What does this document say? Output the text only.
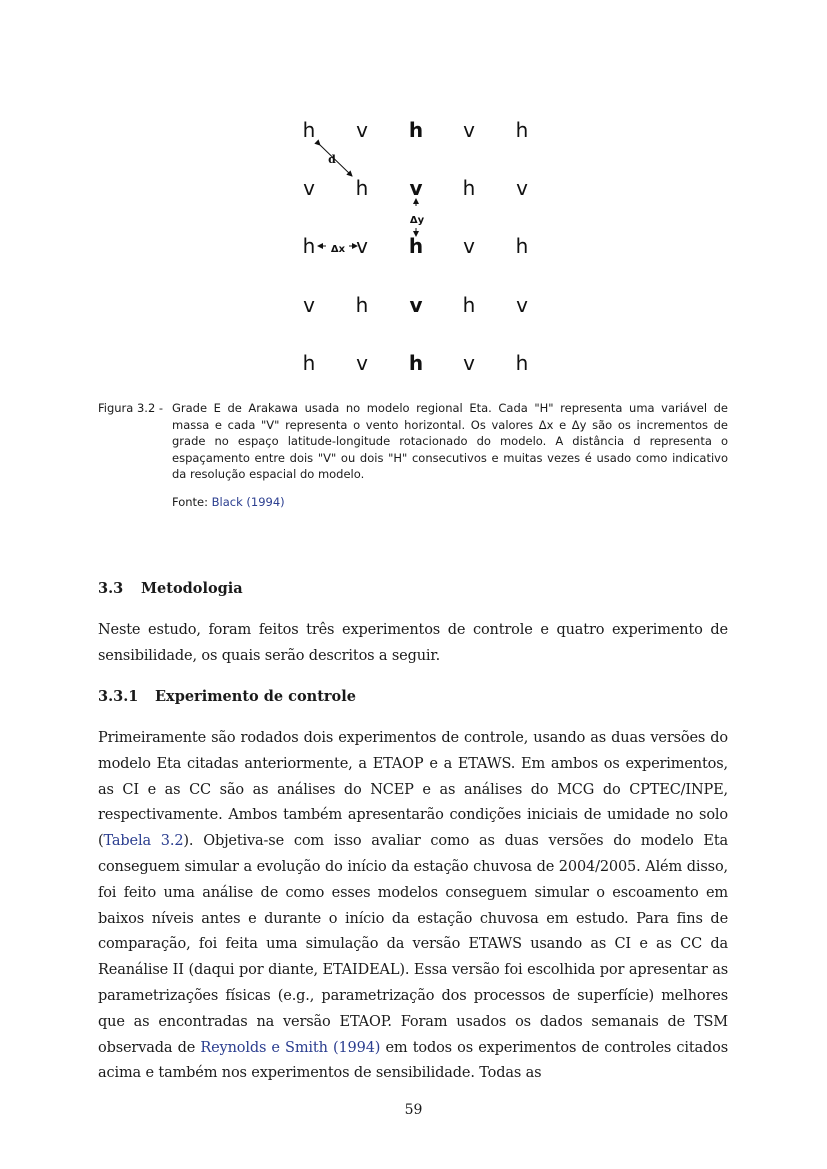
d
Δx
Δy
h v h v h
v h v h v
h v h v h
v h v h v
h v h v h
Figura 3.2 - Grade E de Arakawa usada no modelo regional Eta. Cada "H" representa uma variável de massa e cada "V" representa o vento horizontal. Os valores Δx e Δy são os incrementos de grade no espaço latitude-longitude rotacionado do modelo. A distância d representa o espaçamento entre dois "V" ou dois "H" consecutivos e muitas vezes é usado como indicativo da resolução espacial do modelo.
Fonte: Black (1994)
3.3 Metodologia
Neste estudo, foram feitos três experimentos de controle e quatro experimento de sensibilidade, os quais serão descritos a seguir.
3.3.1 Experimento de controle
Primeiramente são rodados dois experimentos de controle, usando as duas versões do modelo Eta citadas anteriormente, a ETAOP e a ETAWS. Em ambos os experimentos, as CI e as CC são as análises do NCEP e as análises do MCG do CPTEC/INPE, respectivamente. Ambos também apresentarão condições iniciais de umidade no solo (Tabela 3.2). Objetiva-se com isso avaliar como as duas versões do modelo Eta conseguem simular a evolução do início da estação chuvosa de 2004/2005. Além disso, foi feito uma análise de como esses modelos conseguem simular o escoamento em baixos níveis antes e durante o início da estação chuvosa em estudo. Para fins de comparação, foi feita uma simulação da versão ETAWS usando as CI e as CC da Reanálise II (daqui por diante, ETAIDEAL). Essa versão foi escolhida por apresentar as parametrizações físicas (e.g., parametrização dos processos de superfície) melhores que as encontradas na versão ETAOP. Foram usados os dados semanais de TSM observada de Reynolds e Smith (1994) em todos os experimentos de controles citados acima e também nos experimentos de sensibilidade. Todas as
59
